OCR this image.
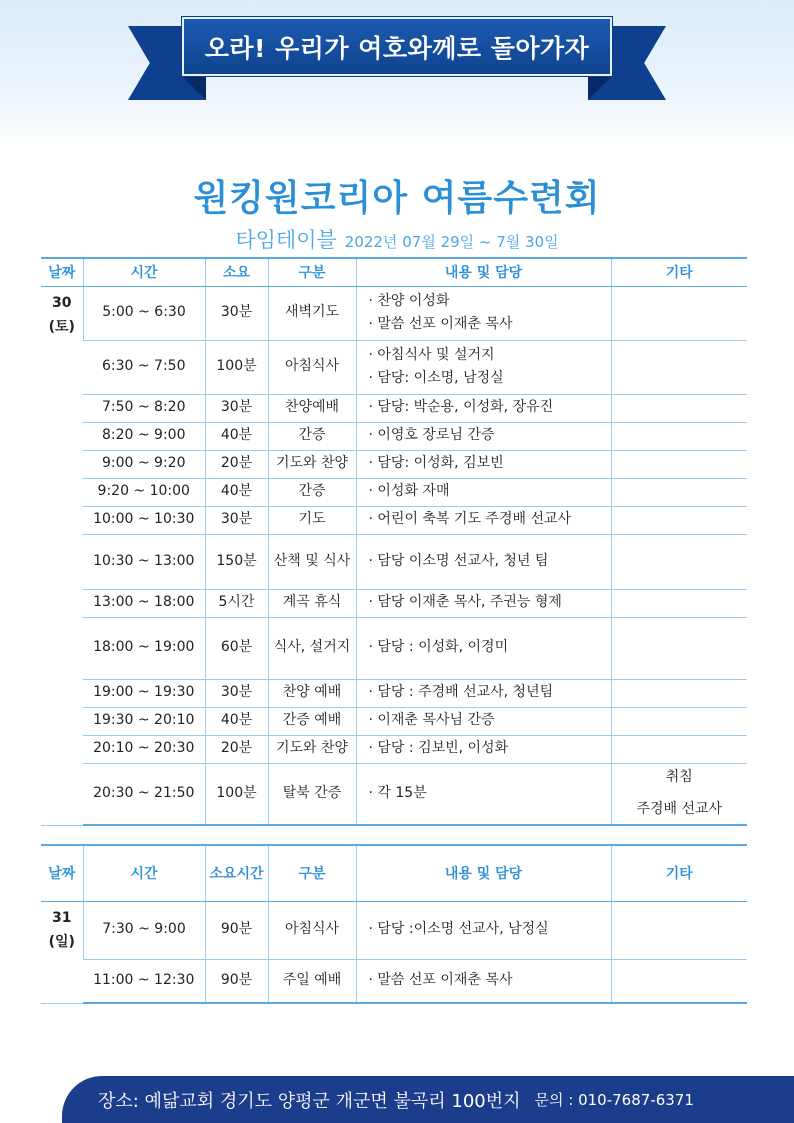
오라! 우리가 여호와께로 돌아가자
원킹원코리아 여름수련회
타임테이블 2022년 07월 29일 ~ 7월 30일
날짜	시간	소요	구분	내용 및 담당	기타
30
(토)	5:00 ~ 6:30	30분	새벽기도	· 찬양 이성화
· 말씀 선포 이재춘 목사	

	6:30 ~ 7:50	100분	아침식사	· 아침식사 및 설거지
· 담당: 이소명, 남정실	

	7:50 ~ 8:20	30분	찬양예배	· 담당: 박순용, 이성화, 장유진	
	8:20 ~ 9:00	40분	간증	· 이영호 장로님 간증	
	9:00 ~ 9:20	20분	기도와 찬양	· 담당: 이성화, 김보빈	
	9:20 ~ 10:00	40분	간증	· 이성화 자매	
	10:00 ~ 10:30	30분	기도	· 어린이 축복 기도 주경배 선교사	
	10:30 ~ 13:00	150분	산책 및 식사	· 담당 이소명 선교사, 청년 팀	
	13:00 ~ 18:00	5시간	계곡 휴식	· 담당 이재춘 목사, 주권능 형제	
	18:00 ~ 19:00	60분	식사, 설거지	· 담당 : 이성화, 이경미	
	19:00 ~ 19:30	30분	찬양 예배	· 담당 : 주경배 선교사, 청년팀	
	19:30 ~ 20:10	40분	간증 예배	· 이재춘 목사님 간증	
	20:10 ~ 20:30	20분	기도와 찬양	· 담당 : 김보빈, 이성화	
	20:30 ~ 21:50	100분	탈북 간증	· 각 15분	취침
주경배 선교사
날짜	시간	소요시간	구분	내용 및 담당	기타
31
(일)	7:30 ~ 9:00	90분	아침식사	· 담당 :이소명 선교사, 남정실	
	11:00 ~ 12:30	90분	주일 예배	· 말씀 선포 이재춘 목사	
장소: 예닮교회 경기도 양평군 개군면 불곡리 100번지 문의 : 010-7687-6371
